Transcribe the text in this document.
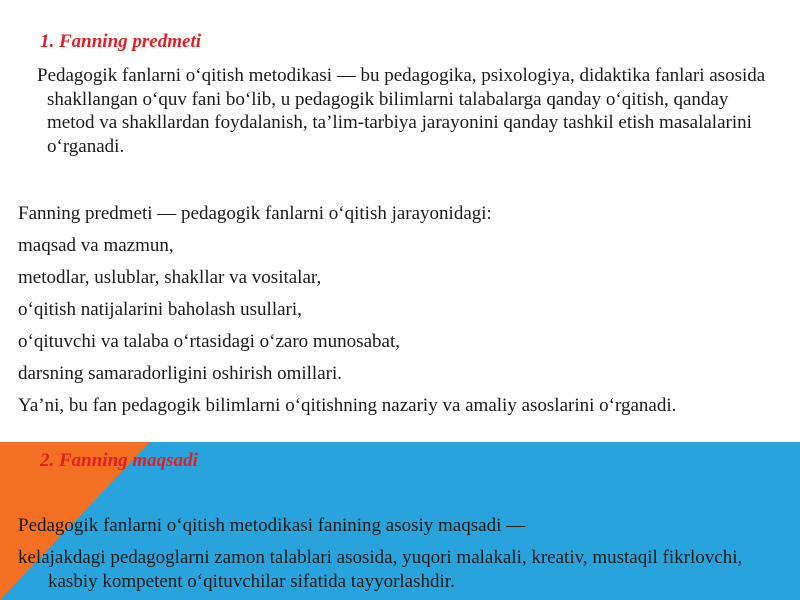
1. Fanning predmeti

Pedagogik fanlarni o‘qitish metodikasi — bu pedagogika, psixologiya, didaktika fanlari asosida shakllangan o‘quv fani bo‘lib, u pedagogik bilimlarni talabalarga qanday o‘qitish, qanday metod va shakllardan foydalanish, ta’lim-tarbiya jarayonini qanday tashkil etish masalalarini o‘rganadi.

Fanning predmeti — pedagogik fanlarni o‘qitish jarayonidagi:

maqsad va mazmun,

metodlar, uslublar, shakllar va vositalar,

o‘qitish natijalarini baholash usullari,

o‘qituvchi va talaba o‘rtasidagi o‘zaro munosabat,

darsning samaradorligini oshirish omillari.

Ya’ni, bu fan pedagogik bilimlarni o‘qitishning nazariy va amaliy asoslarini o‘rganadi.

2. Fanning maqsadi

Pedagogik fanlarni o‘qitish metodikasi fanining asosiy maqsadi —

kelajakdagi pedagoglarni zamon talablari asosida, yuqori malakali, kreativ, mustaqil fikrlovchi, kasbiy kompetent o‘qituvchilar sifatida tayyorlashdir.
